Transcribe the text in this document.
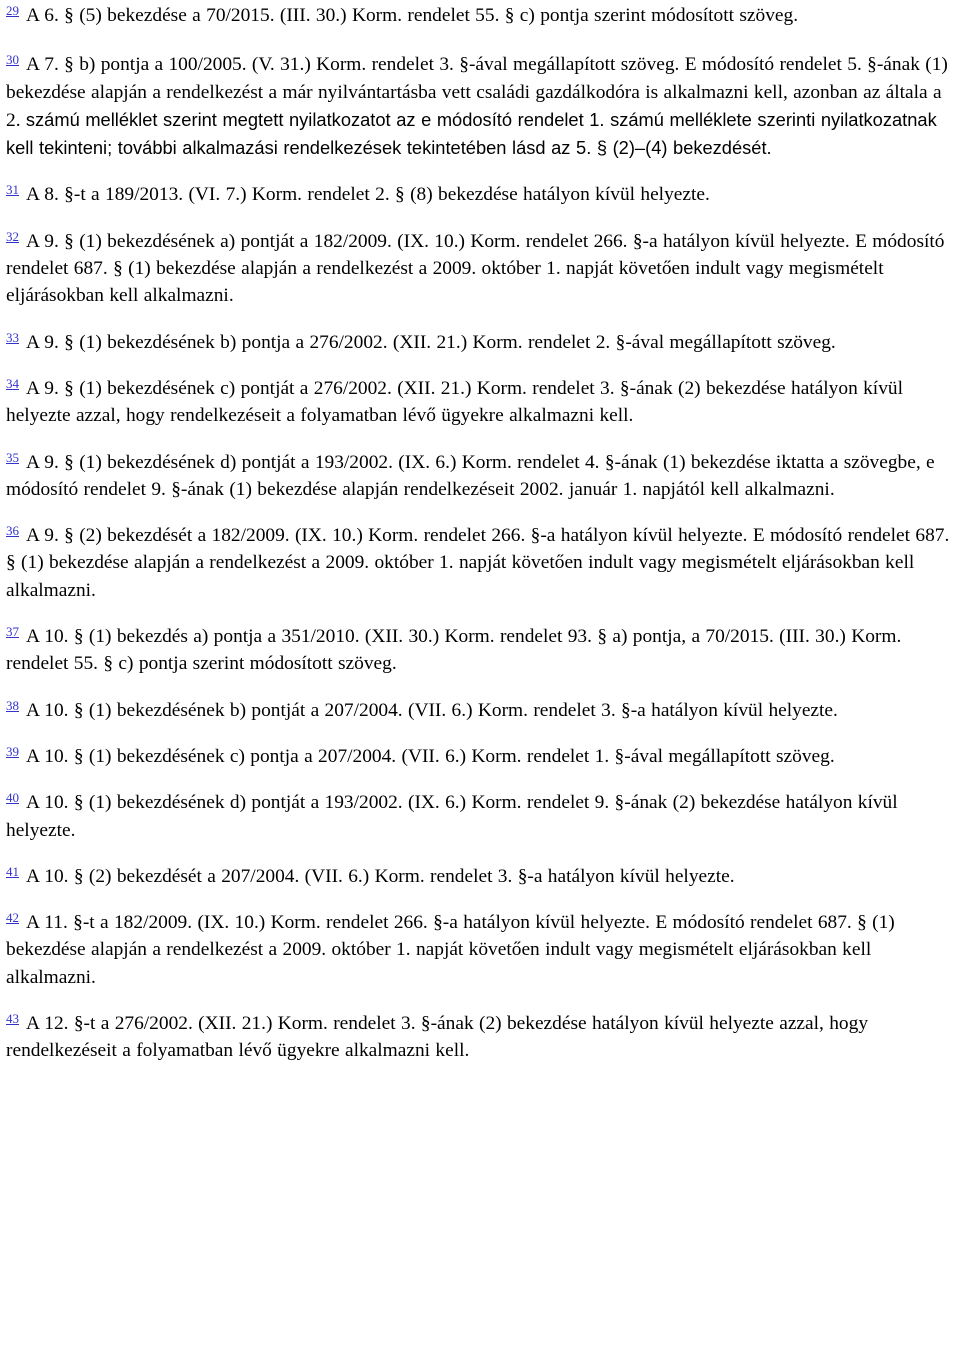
$^{29}$ A 6. § (5) bekezdése a 70/2015. (III. 30.) Korm. rendelet 55. § c) pontja szerint módosított szöveg.

$^{30}$ A 7. § b) pontja a 100/2005. (V. 31.) Korm. rendelet 3. §-ával megállapított szöveg. E módosító rendelet 5. §-ának (1) bekezdése alapján a rendelkezést a már nyilvántartásba vett családi gazdálkodóra is alkalmazni kell, azonban az általa a 2. számú melléklet szerint megtett nyilatkozatot az e módosító rendelet 1. számú melléklete szerinti nyilatkozatnak kell tekinteni; további alkalmazási rendelkezések tekintetében lásd az 5. § (2)–(4) bekezdését.

$^{31}$ A 8. §-t a 189/2013. (VI. 7.) Korm. rendelet 2. § (8) bekezdése hatályon kívül helyezte.

$^{32}$ A 9. § (1) bekezdésének a) pontját a 182/2009. (IX. 10.) Korm. rendelet 266. §-a hatályon kívül helyezte. E módosító rendelet 687. § (1) bekezdése alapján a rendelkezést a 2009. október 1. napját követően indult vagy megismételt eljárásokban kell alkalmazni.

$^{33}$ A 9. § (1) bekezdésének b) pontja a 276/2002. (XII. 21.) Korm. rendelet 2. §-ával megállapított szöveg.

$^{34}$ A 9. § (1) bekezdésének c) pontját a 276/2002. (XII. 21.) Korm. rendelet 3. §-ának (2) bekezdése hatályon kívül helyezte azzal, hogy rendelkezéseit a folyamatban lévő ügyekre alkalmazni kell.

$^{35}$ A 9. § (1) bekezdésének d) pontját a 193/2002. (IX. 6.) Korm. rendelet 4. §-ának (1) bekezdése iktatta a szövegbe, e módosító rendelet 9. §-ának (1) bekezdése alapján rendelkezéseit 2002. január 1. napjától kell alkalmazni.

$^{36}$ A 9. § (2) bekezdését a 182/2009. (IX. 10.) Korm. rendelet 266. §-a hatályon kívül helyezte. E módosító rendelet 687. § (1) bekezdése alapján a rendelkezést a 2009. október 1. napját követően indult vagy megismételt eljárásokban kell alkalmazni.

$^{37}$ A 10. § (1) bekezdés a) pontja a 351/2010. (XII. 30.) Korm. rendelet 93. § a) pontja, a 70/2015. (III. 30.) Korm. rendelet 55. § c) pontja szerint módosított szöveg.

$^{38}$ A 10. § (1) bekezdésének b) pontját a 207/2004. (VII. 6.) Korm. rendelet 3. §-a hatályon kívül helyezte.

$^{39}$ A 10. § (1) bekezdésének c) pontja a 207/2004. (VII. 6.) Korm. rendelet 1. §-ával megállapított szöveg.

$^{40}$ A 10. § (1) bekezdésének d) pontját a 193/2002. (IX. 6.) Korm. rendelet 9. §-ának (2) bekezdése hatályon kívül helyezte.

$^{41}$ A 10. § (2) bekezdését a 207/2004. (VII. 6.) Korm. rendelet 3. §-a hatályon kívül helyezte.

$^{42}$ A 11. §-t a 182/2009. (IX. 10.) Korm. rendelet 266. §-a hatályon kívül helyezte. E módosító rendelet 687. § (1) bekezdése alapján a rendelkezést a 2009. október 1. napját követően indult vagy megismételt eljárásokban kell alkalmazni.

$^{43}$ A 12. §-t a 276/2002. (XII. 21.) Korm. rendelet 3. §-ának (2) bekezdése hatályon kívül helyezte azzal, hogy rendelkezéseit a folyamatban lévő ügyekre alkalmazni kell.
